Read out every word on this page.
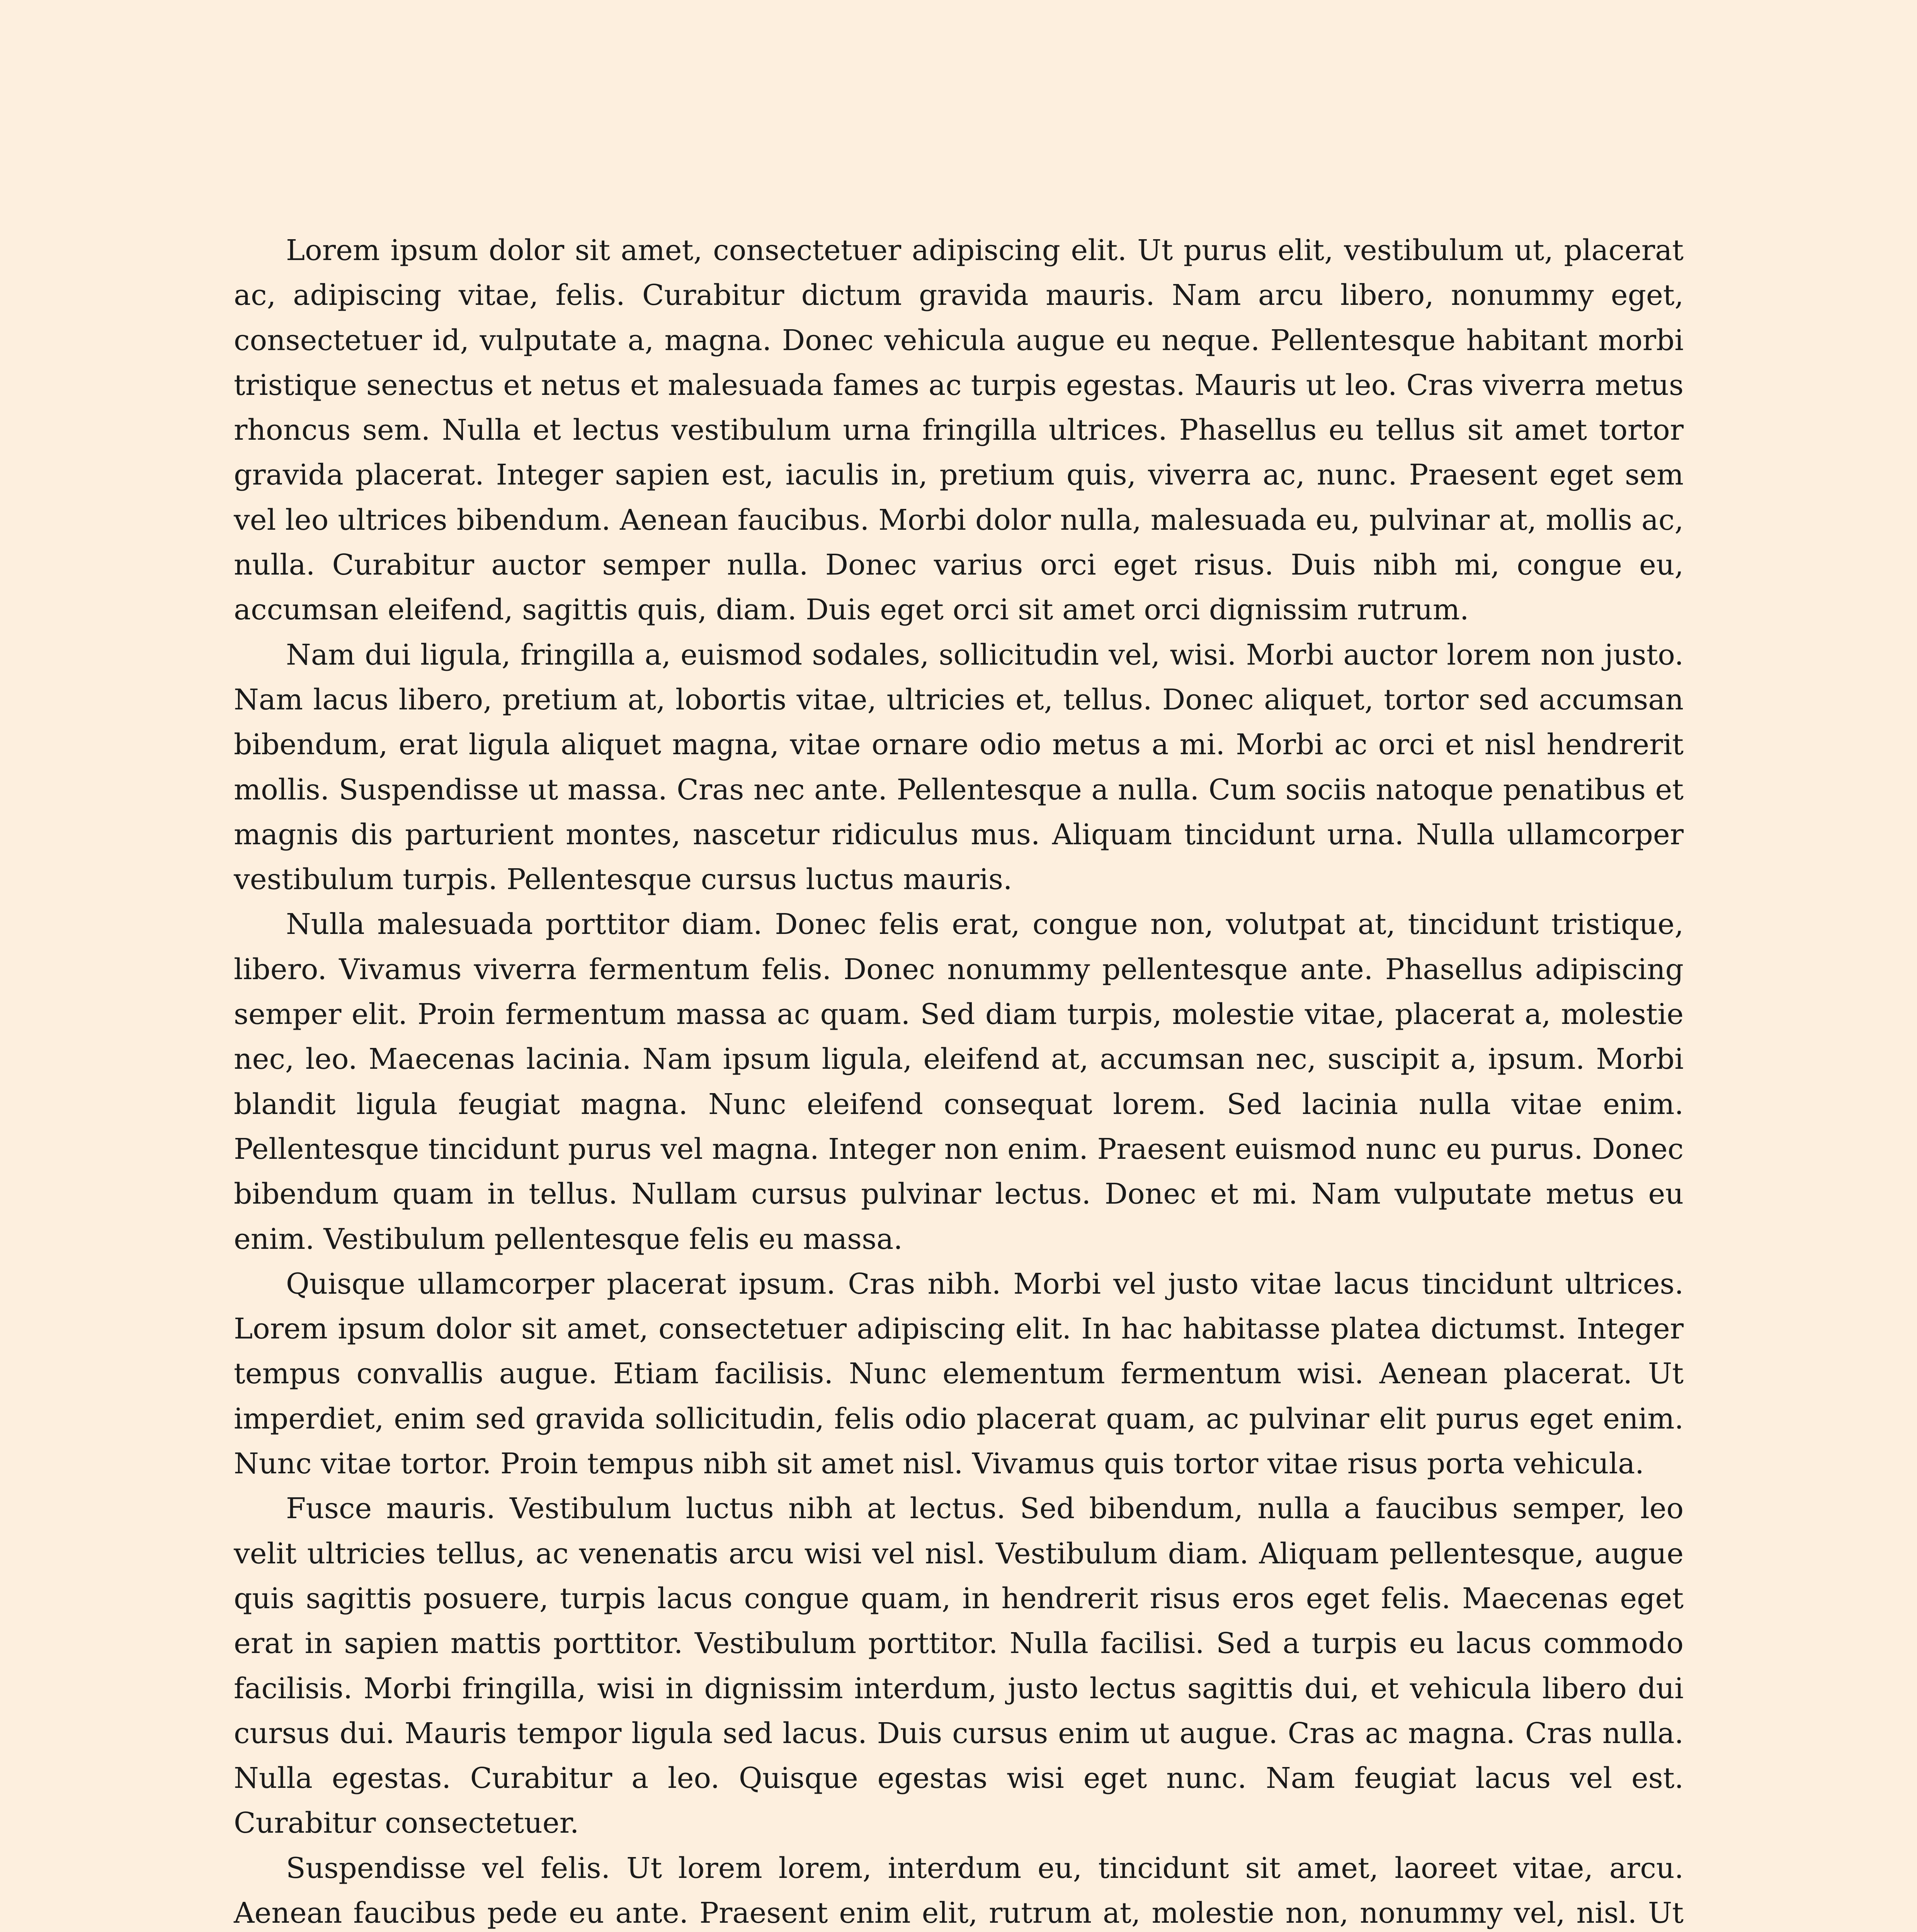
Lorem ipsum dolor sit amet, consectetuer adipiscing elit. Ut purus elit, vestibulum ut, placerat ac, adipiscing vitae, felis. Curabitur dictum gravida mauris. Nam arcu libero, nonummy eget, consectetuer id, vulputate a, magna. Donec vehicula augue eu neque. Pellentesque habitant morbi tristique senectus et netus et malesuada fames ac turpis egestas. Mauris ut leo. Cras viverra metus rhoncus sem. Nulla et lectus vestibulum urna fringilla ultrices. Phasellus eu tellus sit amet tortor gravida placerat. Integer sapien est, iaculis in, pretium quis, viverra ac, nunc. Praesent eget sem vel leo ultrices bibendum. Aenean faucibus. Morbi dolor nulla, malesuada eu, pulvinar at, mollis ac, nulla. Curabitur auctor semper nulla. Donec varius orci eget risus. Duis nibh mi, congue eu, accumsan eleifend, sagittis quis, diam. Duis eget orci sit amet orci dignissim rutrum.

Nam dui ligula, fringilla a, euismod sodales, sollicitudin vel, wisi. Morbi auctor lorem non justo. Nam lacus libero, pretium at, lobortis vitae, ultricies et, tellus. Donec aliquet, tortor sed accumsan bibendum, erat ligula aliquet magna, vitae ornare odio metus a mi. Morbi ac orci et nisl hendrerit mollis. Suspendisse ut massa. Cras nec ante. Pellentesque a nulla. Cum sociis natoque penatibus et magnis dis parturient montes, nascetur ridiculus mus. Aliquam tincidunt urna. Nulla ullamcorper vestibulum turpis. Pellentesque cursus luctus mauris.

Nulla malesuada porttitor diam. Donec felis erat, congue non, volutpat at, tincidunt tristique, libero. Vivamus viverra fermentum felis. Donec nonummy pellentesque ante. Phasellus adipiscing semper elit. Proin fermentum massa ac quam. Sed diam turpis, molestie vitae, placerat a, molestie nec, leo. Maecenas lacinia. Nam ipsum ligula, eleifend at, accumsan nec, suscipit a, ipsum. Morbi blandit ligula feugiat magna. Nunc eleifend consequat lorem. Sed lacinia nulla vitae enim. Pellentesque tincidunt purus vel magna. Integer non enim. Praesent euismod nunc eu purus. Donec bibendum quam in tellus. Nullam cursus pulvinar lectus. Donec et mi. Nam vulputate metus eu enim. Vestibulum pellentesque felis eu massa.

Quisque ullamcorper placerat ipsum. Cras nibh. Morbi vel justo vitae lacus tincidunt ultrices. Lorem ipsum dolor sit amet, consectetuer adipiscing elit. In hac habitasse platea dictumst. Integer tempus convallis augue. Etiam facilisis. Nunc elementum fermentum wisi. Aenean placerat. Ut imperdiet, enim sed gravida sollicitudin, felis odio placerat quam, ac pulvinar elit purus eget enim. Nunc vitae tortor. Proin tempus nibh sit amet nisl. Vivamus quis tortor vitae risus porta vehicula.

Fusce mauris. Vestibulum luctus nibh at lectus. Sed bibendum, nulla a faucibus semper, leo velit ultricies tellus, ac venenatis arcu wisi vel nisl. Vestibulum diam. Aliquam pellentesque, augue quis sagittis posuere, turpis lacus congue quam, in hendrerit risus eros eget felis. Maecenas eget erat in sapien mattis porttitor. Vestibulum porttitor. Nulla facilisi. Sed a turpis eu lacus commodo facilisis. Morbi fringilla, wisi in dignissim interdum, justo lectus sagittis dui, et vehicula libero dui cursus dui. Mauris tempor ligula sed lacus. Duis cursus enim ut augue. Cras ac magna. Cras nulla. Nulla egestas. Curabitur a leo. Quisque egestas wisi eget nunc. Nam feugiat lacus vel est. Curabitur consectetuer.

Suspendisse vel felis. Ut lorem lorem, interdum eu, tincidunt sit amet, laoreet vitae, arcu. Aenean faucibus pede eu ante. Praesent enim elit, rutrum at, molestie non, nonummy vel, nisl. Ut
